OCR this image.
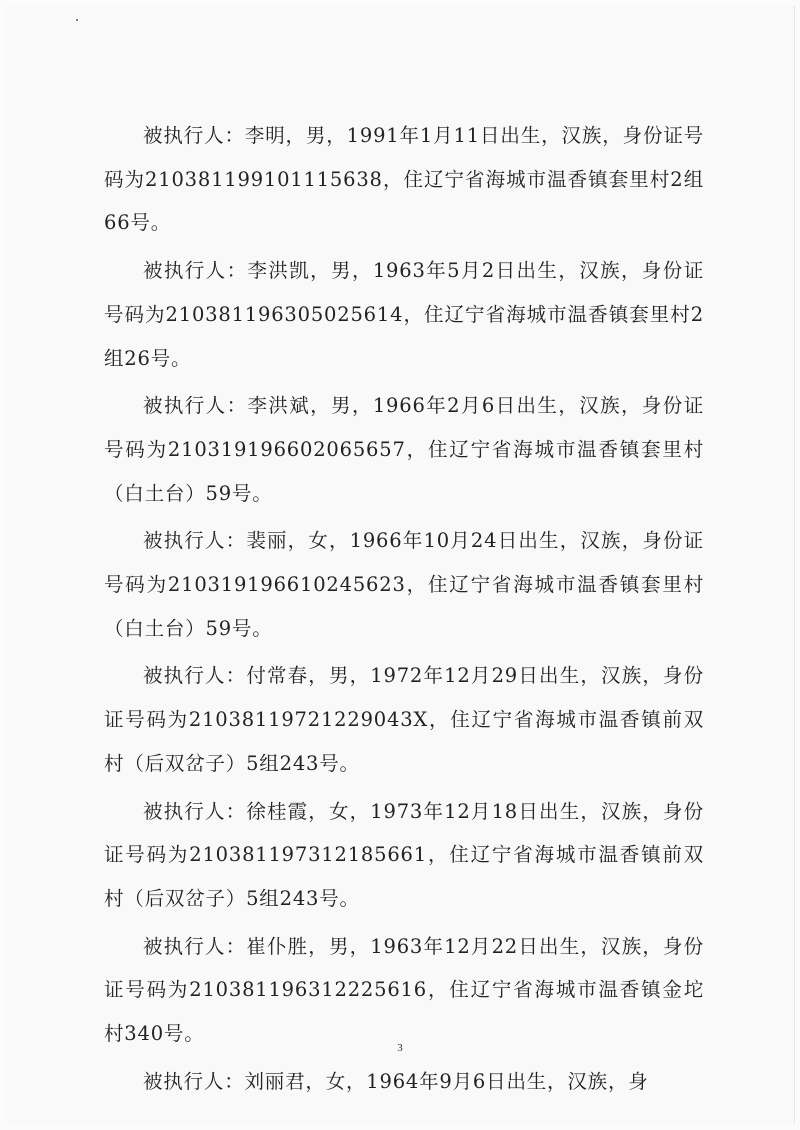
被执行人：李明，男，1991年1月11日出生，汉族，身份证号码为210381199101115638，住辽宁省海城市温香镇套里村2组66号。

被执行人：李洪凯，男，1963年5月2日出生，汉族，身份证号码为210381196305025614，住辽宁省海城市温香镇套里村2组26号。

被执行人：李洪斌，男，1966年2月6日出生，汉族，身份证号码为210319196602065657，住辽宁省海城市温香镇套里村（白土台）59号。

被执行人：裴丽，女，1966年10月24日出生，汉族，身份证号码为210319196610245623，住辽宁省海城市温香镇套里村（白土台）59号。

被执行人：付常春，男，1972年12月29日出生，汉族，身份证号码为21038119721229043X，住辽宁省海城市温香镇前双村（后双岔子）5组243号。

被执行人：徐桂霞，女，1973年12月18日出生，汉族，身份证号码为210381197312185661，住辽宁省海城市温香镇前双村（后双岔子）5组243号。

被执行人：崔仆胜，男，1963年12月22日出生，汉族，身份证号码为210381196312225616，住辽宁省海城市温香镇金坨村340号。

被执行人：刘丽君，女，1964年9月6日出生，汉族，身

3
